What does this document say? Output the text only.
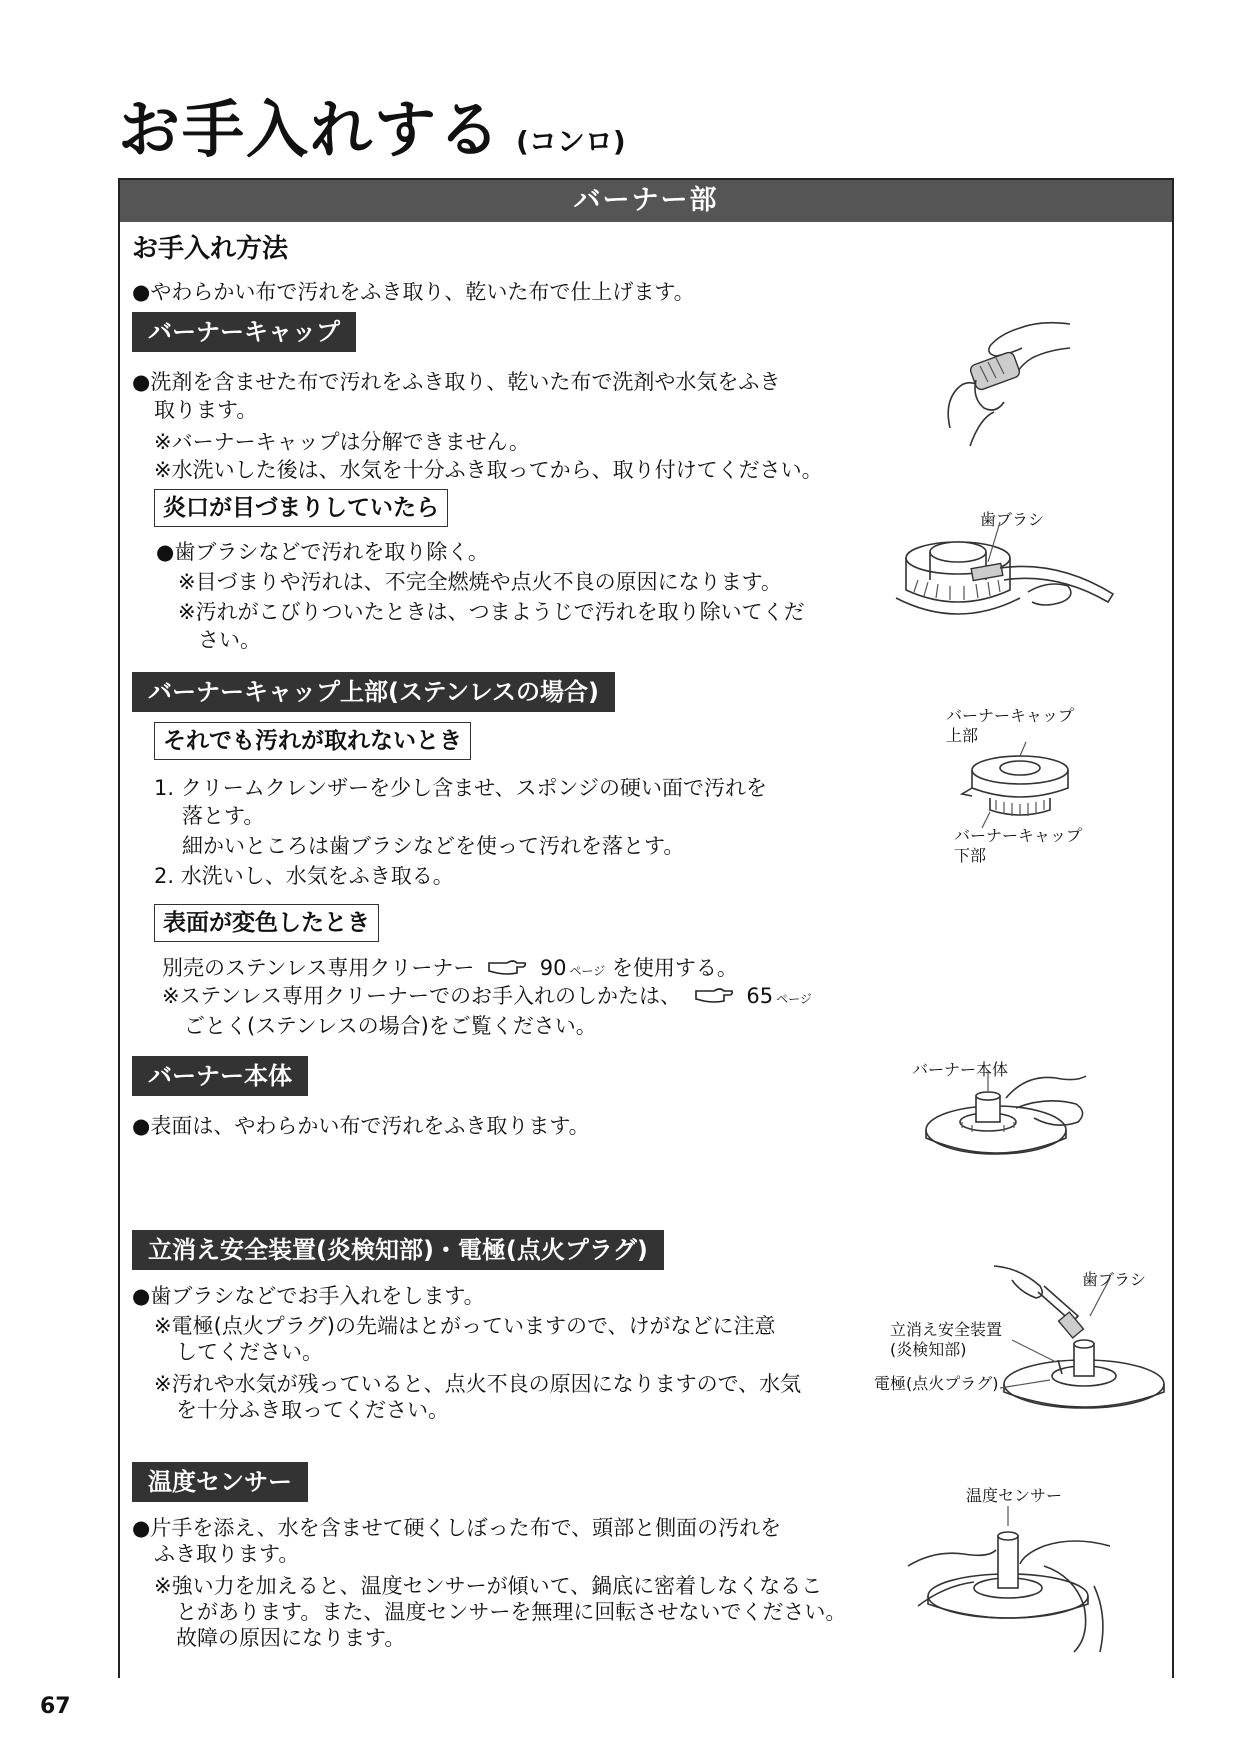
お手入れする (コンロ)
バーナー部
お手入れ方法
●やわらかい布で汚れをふき取り、乾いた布で仕上げます。
バーナーキャップ
●洗剤を含ませた布で汚れをふき取り、乾いた布で洗剤や水気をふき
取ります。
※バーナーキャップは分解できません。
※水洗いした後は、水気を十分ふき取ってから、取り付けてください。
炎口が目づまりしていたら
●歯ブラシなどで汚れを取り除く。
※目づまりや汚れは、不完全燃焼や点火不良の原因になります。
※汚れがこびりついたときは、つまようじで汚れを取り除いてくだ
さい。
バーナーキャップ上部(ステンレスの場合)
それでも汚れが取れないとき
1. クリームクレンザーを少し含ませ、スポンジの硬い面で汚れを
落とす。
細かいところは歯ブラシなどを使って汚れを落とす。
2. 水洗いし、水気をふき取る。
表面が変色したとき
別売のステンレス専用クリーナー	90 ページ を使用する。
※ステンレス専用クリーナーでのお手入れのしかたは、	65 ページ
ごとく(ステンレスの場合)をご覧ください。
バーナー本体
●表面は、やわらかい布で汚れをふき取ります。
立消え安全装置(炎検知部)・電極(点火プラグ)
●歯ブラシなどでお手入れをします。
※電極(点火プラグ)の先端はとがっていますので、けがなどに注意
してください。
※汚れや水気が残っていると、点火不良の原因になりますので、水気
を十分ふき取ってください。
温度センサー
●片手を添え、水を含ませて硬くしぼった布で、頭部と側面の汚れを
ふき取ります。
※強い力を加えると、温度センサーが傾いて、鍋底に密着しなくなるこ
とがあります。また、温度センサーを無理に回転させないでください。
故障の原因になります。
67
歯ブラシ
バーナーキャップ
上部
バーナーキャップ
下部
バーナー本体
歯ブラシ
立消え安全装置
(炎検知部)
電極(点火プラグ)
温度センサー
